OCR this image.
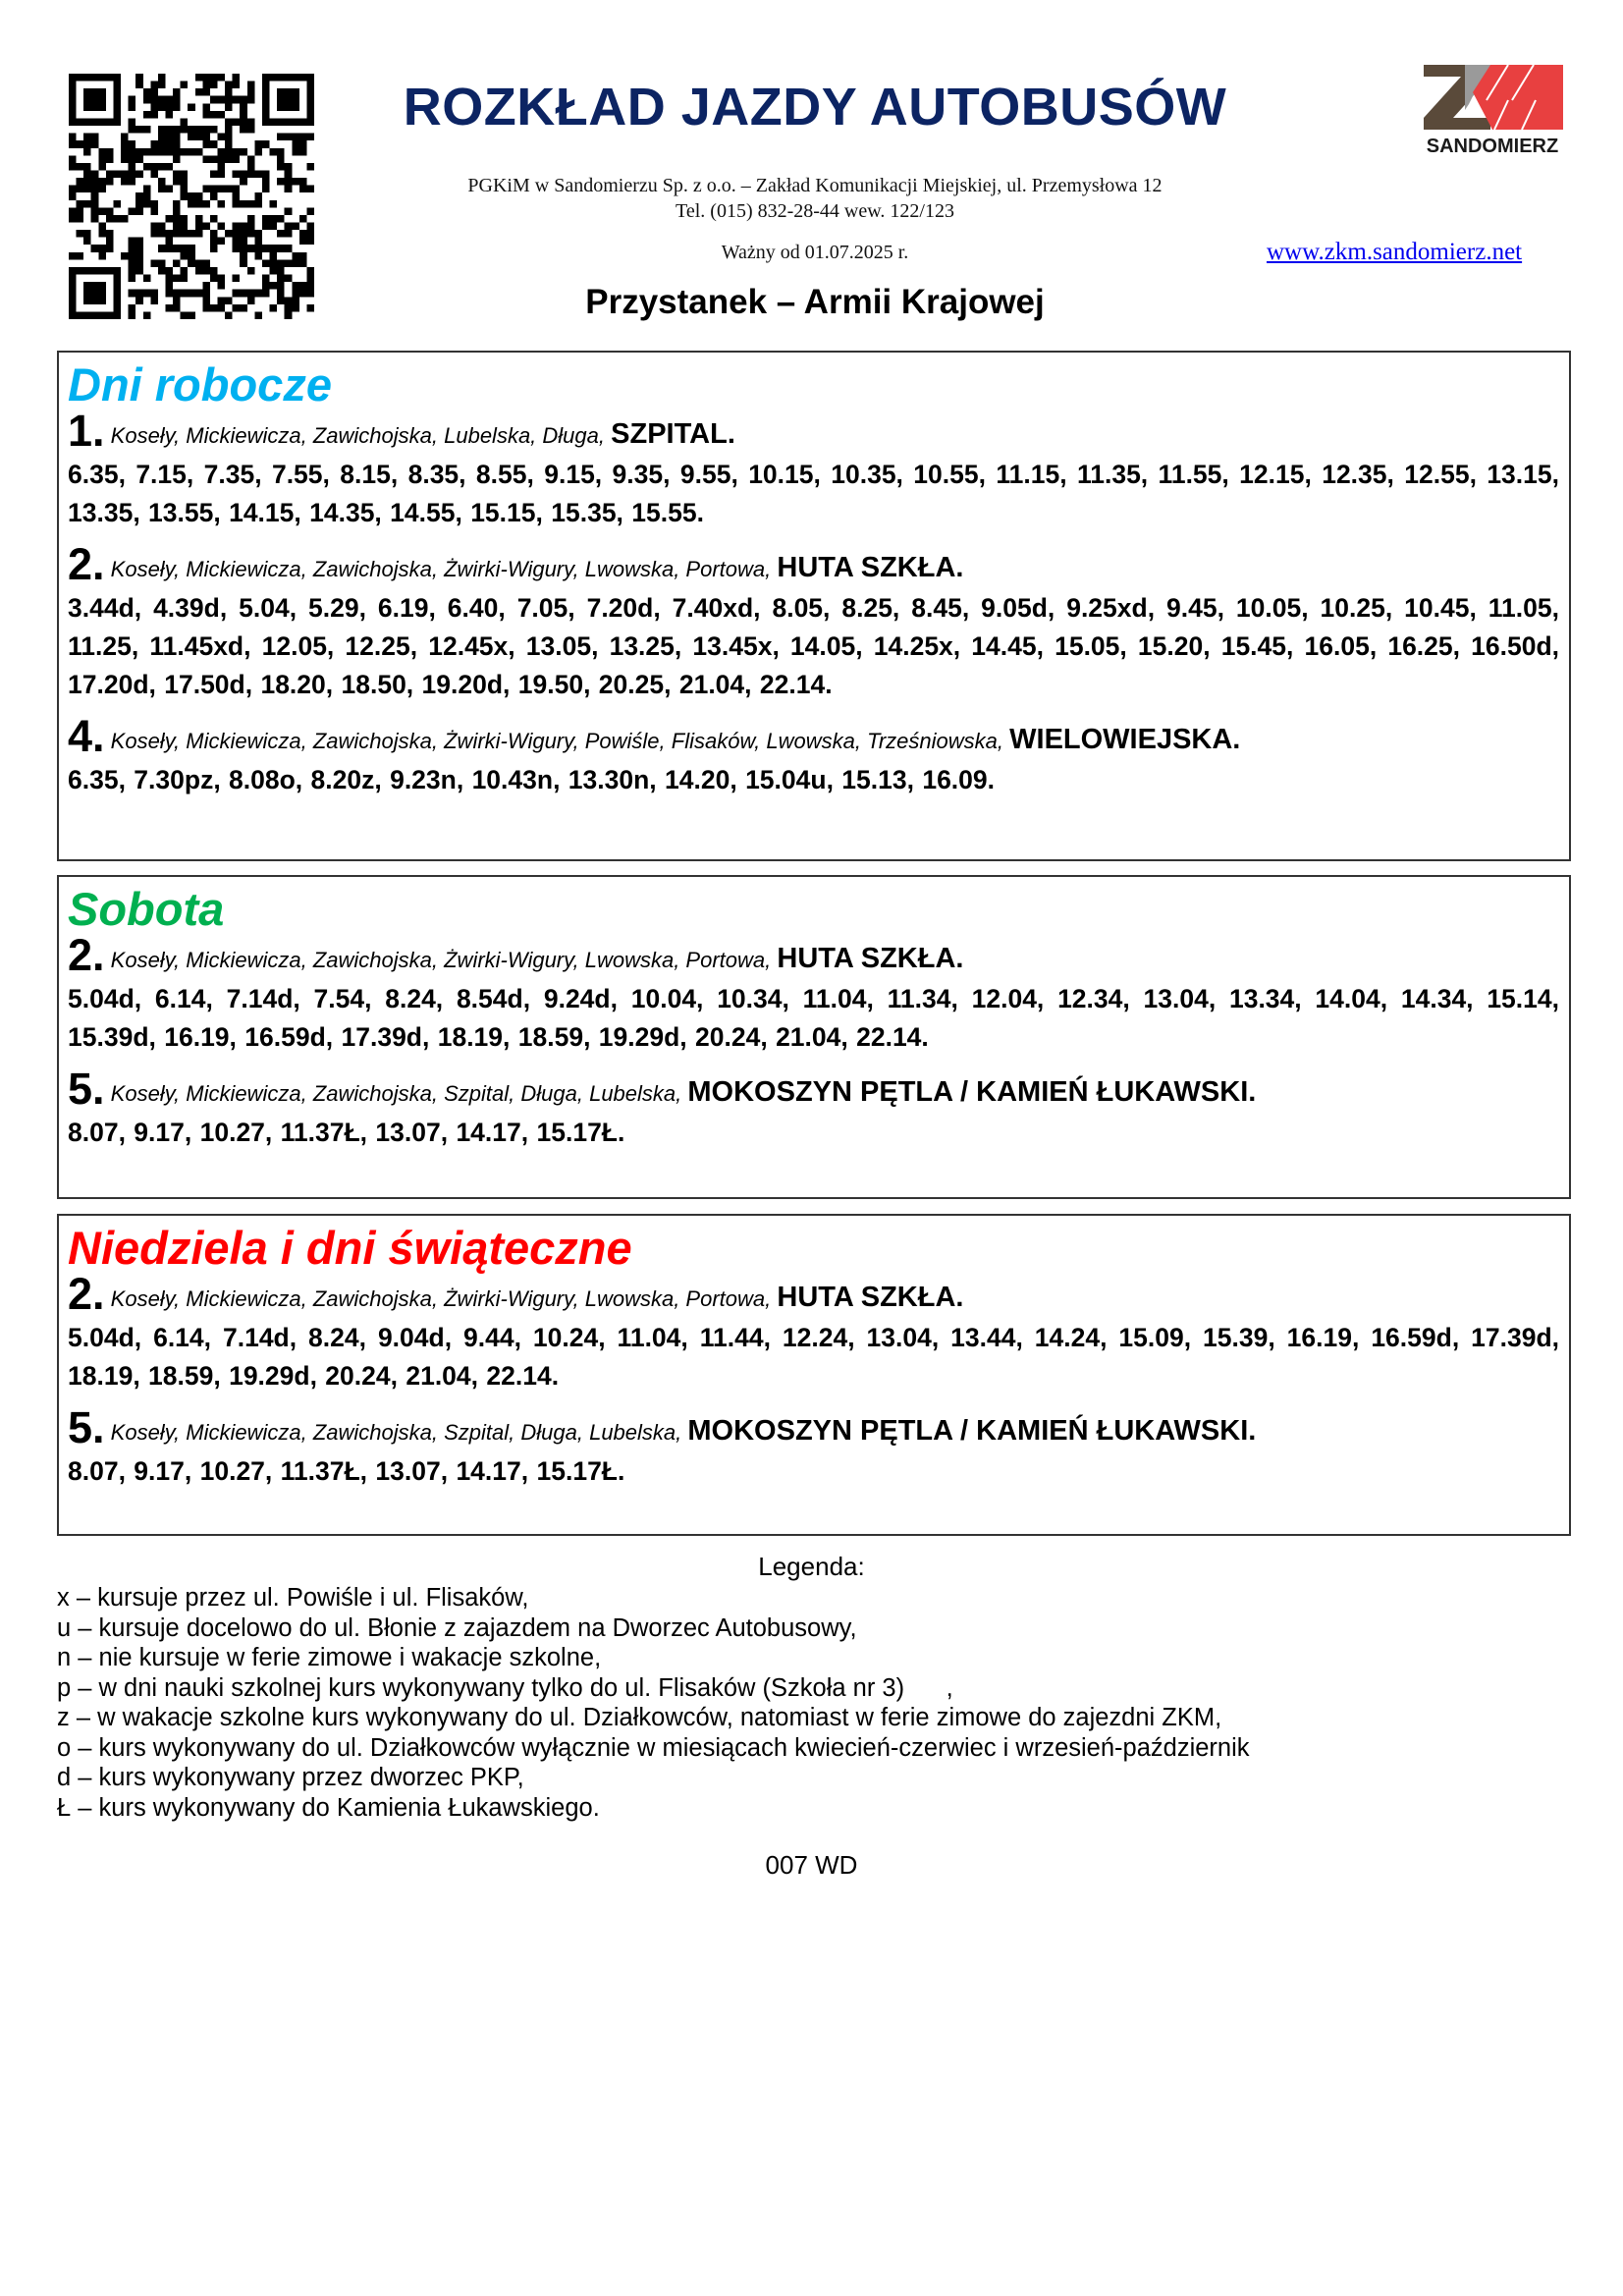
ROZKŁAD JAZDY AUTOBUSÓW
PGKiM w Sandomierzu Sp. z o.o. – Zakład Komunikacji Miejskiej, ul. Przemysłowa 12
Tel. (015) 832-28-44 wew. 122/123
Ważny od 01.07.2025 r.	www.zkm.sandomierz.net
Przystanek – Armii Krajowej
SANDOMIERZ
Dni robocze
1. Koseły, Mickiewicza, Zawichojska, Lubelska, Długa, SZPITAL.
6.35, 7.15, 7.35, 7.55, 8.15, 8.35, 8.55, 9.15, 9.35, 9.55, 10.15, 10.35, 10.55, 11.15, 11.35, 11.55, 12.15, 12.35, 12.55, 13.15, 13.35, 13.55, 14.15, 14.35, 14.55, 15.15, 15.35, 15.55.
2. Koseły, Mickiewicza, Zawichojska, Żwirki-Wigury, Lwowska, Portowa, HUTA SZKŁA.
3.44d, 4.39d, 5.04, 5.29, 6.19, 6.40, 7.05, 7.20d, 7.40xd, 8.05, 8.25, 8.45, 9.05d, 9.25xd, 9.45, 10.05, 10.25, 10.45, 11.05, 11.25, 11.45xd, 12.05, 12.25, 12.45x, 13.05, 13.25, 13.45x, 14.05, 14.25x, 14.45, 15.05, 15.20, 15.45, 16.05, 16.25, 16.50d, 17.20d, 17.50d, 18.20, 18.50, 19.20d, 19.50, 20.25, 21.04, 22.14.
4. Koseły, Mickiewicza, Zawichojska, Żwirki-Wigury, Powiśle, Flisaków, Lwowska, Trześniowska, WIELOWIEJSKA.
6.35, 7.30pz, 8.08o, 8.20z, 9.23n, 10.43n, 13.30n, 14.20, 15.04u, 15.13, 16.09.
Sobota
2. Koseły, Mickiewicza, Zawichojska, Żwirki-Wigury, Lwowska, Portowa, HUTA SZKŁA.
5.04d, 6.14, 7.14d, 7.54, 8.24, 8.54d, 9.24d, 10.04, 10.34, 11.04, 11.34, 12.04, 12.34, 13.04, 13.34, 14.04, 14.34, 15.14, 15.39d, 16.19, 16.59d, 17.39d, 18.19, 18.59, 19.29d, 20.24, 21.04, 22.14.
5. Koseły, Mickiewicza, Zawichojska, Szpital, Długa, Lubelska, MOKOSZYN PĘTLA / KAMIEŃ ŁUKAWSKI.
8.07, 9.17, 10.27, 11.37Ł, 13.07, 14.17, 15.17Ł.
Niedziela i dni świąteczne
2. Koseły, Mickiewicza, Zawichojska, Żwirki-Wigury, Lwowska, Portowa, HUTA SZKŁA.
5.04d, 6.14, 7.14d, 8.24, 9.04d, 9.44, 10.24, 11.04, 11.44, 12.24, 13.04, 13.44, 14.24, 15.09, 15.39, 16.19, 16.59d, 17.39d, 18.19, 18.59, 19.29d, 20.24, 21.04, 22.14.
5. Koseły, Mickiewicza, Zawichojska, Szpital, Długa, Lubelska, MOKOSZYN PĘTLA / KAMIEŃ ŁUKAWSKI.
8.07, 9.17, 10.27, 11.37Ł, 13.07, 14.17, 15.17Ł.
Legenda:
x – kursuje przez ul. Powiśle i ul. Flisaków,
u – kursuje docelowo do ul. Błonie z zajazdem na Dworzec Autobusowy,
n – nie kursuje w ferie zimowe i wakacje szkolne,
p – w dni nauki szkolnej kurs wykonywany tylko do ul. Flisaków (Szkoła nr 3)      ,
z – w wakacje szkolne kurs wykonywany do ul. Działkowców, natomiast w ferie zimowe do zajezdni ZKM,
o – kurs wykonywany do ul. Działkowców wyłącznie w miesiącach kwiecień-czerwiec i wrzesień-październik
d – kurs wykonywany przez dworzec PKP,
Ł – kurs wykonywany do Kamienia Łukawskiego.
007 WD
